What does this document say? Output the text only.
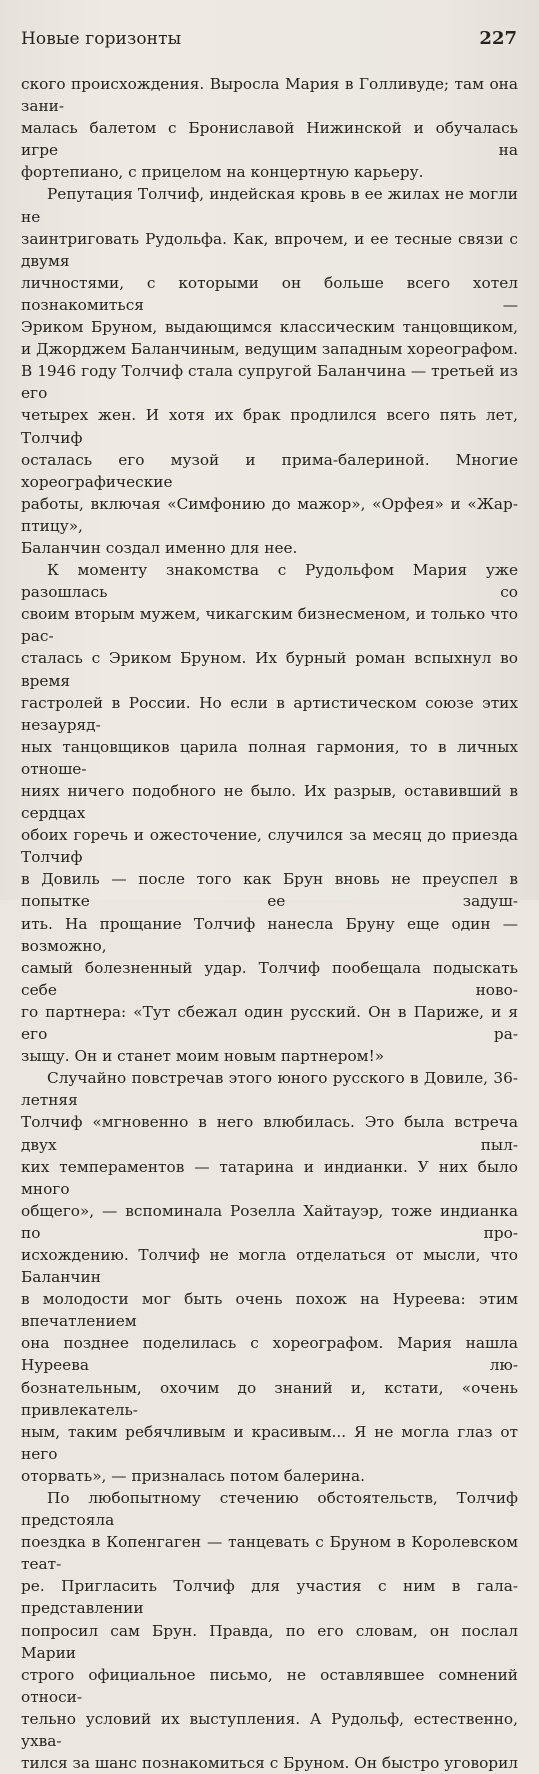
Новые горизонты	227

ского происхождения. Выросла Мария в Голливуде; там она зани-

малась балетом с Брониславой Нижинской и обучалась игре на

фортепиано, с прицелом на концертную карьеру.

Репутация Толчиф, индейская кровь в ее жилах не могли не

заинтриговать Рудольфа. Как, впрочем, и ее тесные связи с двумя

личностями, с которыми он больше всего хотел познакомиться —

Эриком Бруном, выдающимся классическим танцовщиком,

и Джорджем Баланчиным, ведущим западным хореографом.

В 1946 году Толчиф стала супругой Баланчина — третьей из его

четырех жен. И хотя их брак продлился всего пять лет, Толчиф

осталась его музой и прима-балериной. Многие хореографические

работы, включая «Симфонию до мажор», «Орфея» и «Жар-птицу»,

Баланчин создал именно для нее.

К моменту знакомства с Рудольфом Мария уже разошлась со

своим вторым мужем, чикагским бизнесменом, и только что рас-

сталась с Эриком Бруном. Их бурный роман вспыхнул во время

гастролей в России. Но если в артистическом союзе этих незауряд-

ных танцовщиков царила полная гармония, то в личных отноше-

ниях ничего подобного не было. Их разрыв, оставивший в сердцах

обоих горечь и ожесточение, случился за месяц до приезда Толчиф

в Довиль — после того как Брун вновь не преуспел в попытке ее задуш-

ить. На прощание Толчиф нанесла Бруну еще один — возможно,

самый болезненный удар. Толчиф пообещала подыскать себе ново-

го партнера: «Тут сбежал один русский. Он в Париже, и я его ра-

зыщу. Он и станет моим новым партнером!»

Случайно повстречав этого юного русского в Довиле, 36-летняя

Толчиф «мгновенно в него влюбилась. Это была встреча двух пыл-

ких темпераментов — татарина и индианки. У них было много

общего», — вспоминала Розелла Хайтауэр, тоже индианка по про-

исхождению. Толчиф не могла отделаться от мысли, что Баланчин

в молодости мог быть очень похож на Нуреева: этим впечатлением

она позднее поделилась с хореографом. Мария нашла Нуреева лю-

бознательным, охочим до знаний и, кстати, «очень привлекатель-

ным, таким ребячливым и красивым... Я не могла глаз от него

оторвать», — призналась потом балерина.

По любопытному стечению обстоятельств, Толчиф предстояла

поездка в Копенгаген — танцевать с Бруном в Королевском теат-

ре. Пригласить Толчиф для участия с ним в гала-представлении

попросил сам Брун. Правда, по его словам, он послал Марии

строго официальное письмо, не оставлявшее сомнений относи-

тельно условий их выступления. А Рудольф, естественно, ухва-

тился за шанс познакомиться с Бруном. Он быстро уговорил
